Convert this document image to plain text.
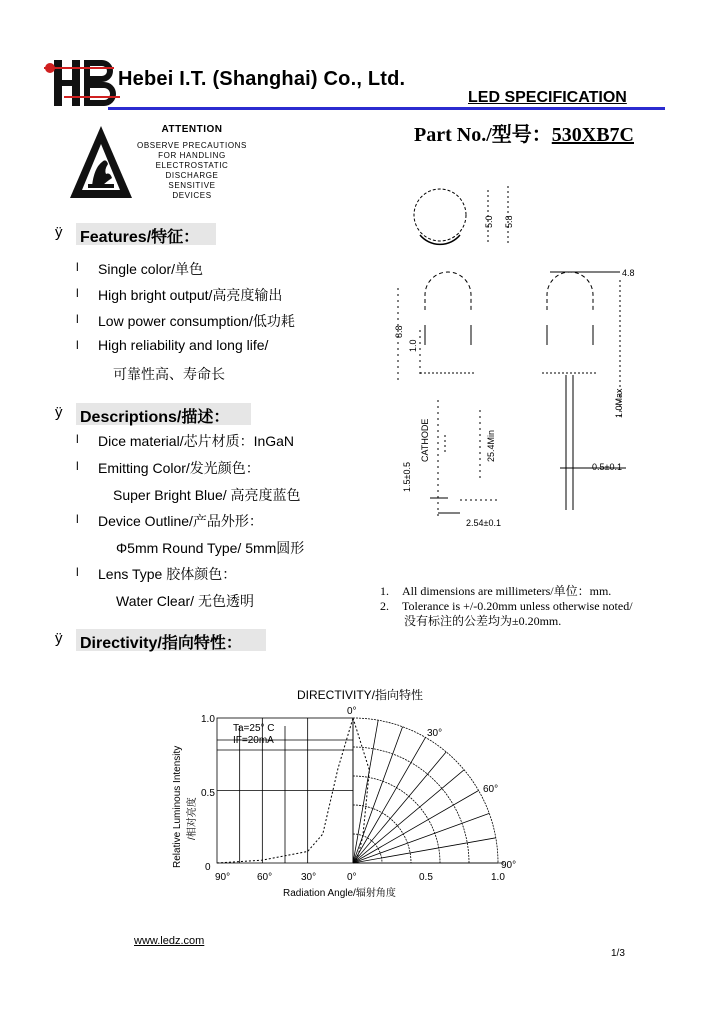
Hebei I.T. (Shanghai) Co., Ltd.
LED SPECIFICATION
Part No./型号：530XB7C
ATTENTION
OBSERVE PRECAUTIONS
FOR HANDLING
ELECTROSTATIC
DISCHARGE
SENSITIVE
DEVICES
ÿ Features/特征：
l Single color/单色
l High bright output/高亮度输出
l Low power consumption/低功耗
l High reliability and long life/
可靠性高、寿命长
ÿ Descriptions/描述：
l Dice material/芯片材质：InGaN
l Emitting Color/发光颜色：
Super Bright Blue/ 高亮度蓝色
l Device Outline/产品外形：
Φ5mm Round Type/ 5mm圆形
l Lens Type 胶体颜色：
Water Clear/ 无色透明
ÿ Directivity/指向特性：
5.0 5.8
4.8
8.8
1.0
1.0Max
CATHODE	25.4Min
1.5±0.5	0.5±0.1
2.54±0.1
1. All dimensions are millimeters/单位：mm.
2. Tolerance is +/-0.20mm unless otherwise noted/
没有标注的公差均为±0.20mm.
DIRECTIVITY/指向特性
Relative Luminous Intensity /相对亮度
1.0
0.5
0
90°	60°	30°	0°	0.5	1.0
0°
30°
60°
90°
Radiation Angle/辐射角度
Ta=25° C
IF=20mA
www.ledz.com
1/3
